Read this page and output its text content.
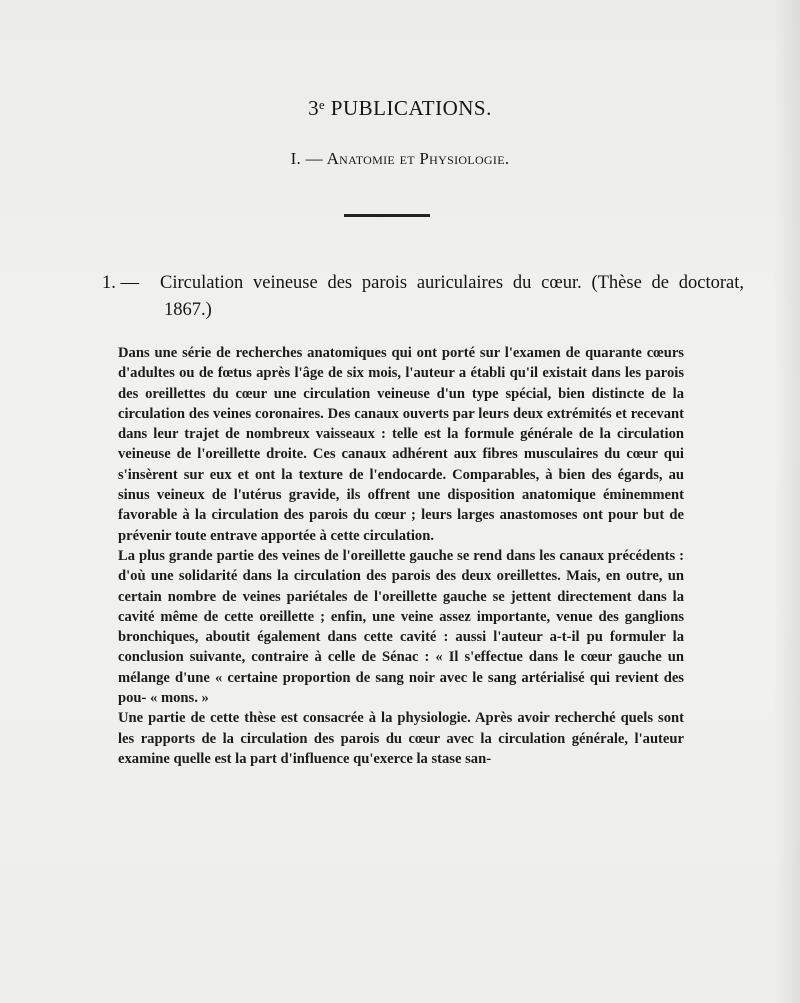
3ᵉ PUBLICATIONS.
I. — Anatomie et Physiologie.
1. — Circulation veineuse des parois auriculaires du cœur. (Thèse de doctorat, 1867.)

Dans une série de recherches anatomiques qui ont porté sur l'examen de quarante cœurs d'adultes ou de fœtus après l'âge de six mois, l'auteur a établi qu'il existait dans les parois des oreillettes du cœur une circulation veineuse d'un type spécial, bien distincte de la circulation des veines coronaires. Des canaux ouverts par leurs deux extrémités et recevant dans leur trajet de nombreux vaisseaux : telle est la formule générale de la circulation veineuse de l'oreillette droite. Ces canaux adhérent aux fibres musculaires du cœur qui s'insèrent sur eux et ont la texture de l'endocarde. Comparables, à bien des égards, au sinus veineux de l'utérus gravide, ils offrent une disposition anatomique éminemment favorable à la circulation des parois du cœur ; leurs larges anastomoses ont pour but de prévenir toute entrave apportée à cette circulation.

La plus grande partie des veines de l'oreillette gauche se rend dans les canaux précédents : d'où une solidarité dans la circulation des parois des deux oreillettes. Mais, en outre, un certain nombre de veines pariétales de l'oreillette gauche se jettent directement dans la cavité même de cette oreillette ; enfin, une veine assez importante, venue des ganglions bronchiques, aboutit également dans cette cavité : aussi l'auteur a-t-il pu formuler la conclusion suivante, contraire à celle de Sénac : « Il s'effectue dans le cœur gauche un mélange d'une « certaine proportion de sang noir avec le sang artérialisé qui revient des pou- « mons. »

Une partie de cette thèse est consacrée à la physiologie. Après avoir recherché quels sont les rapports de la circulation des parois du cœur avec la circulation générale, l'auteur examine quelle est la part d'influence qu'exerce la stase san-
